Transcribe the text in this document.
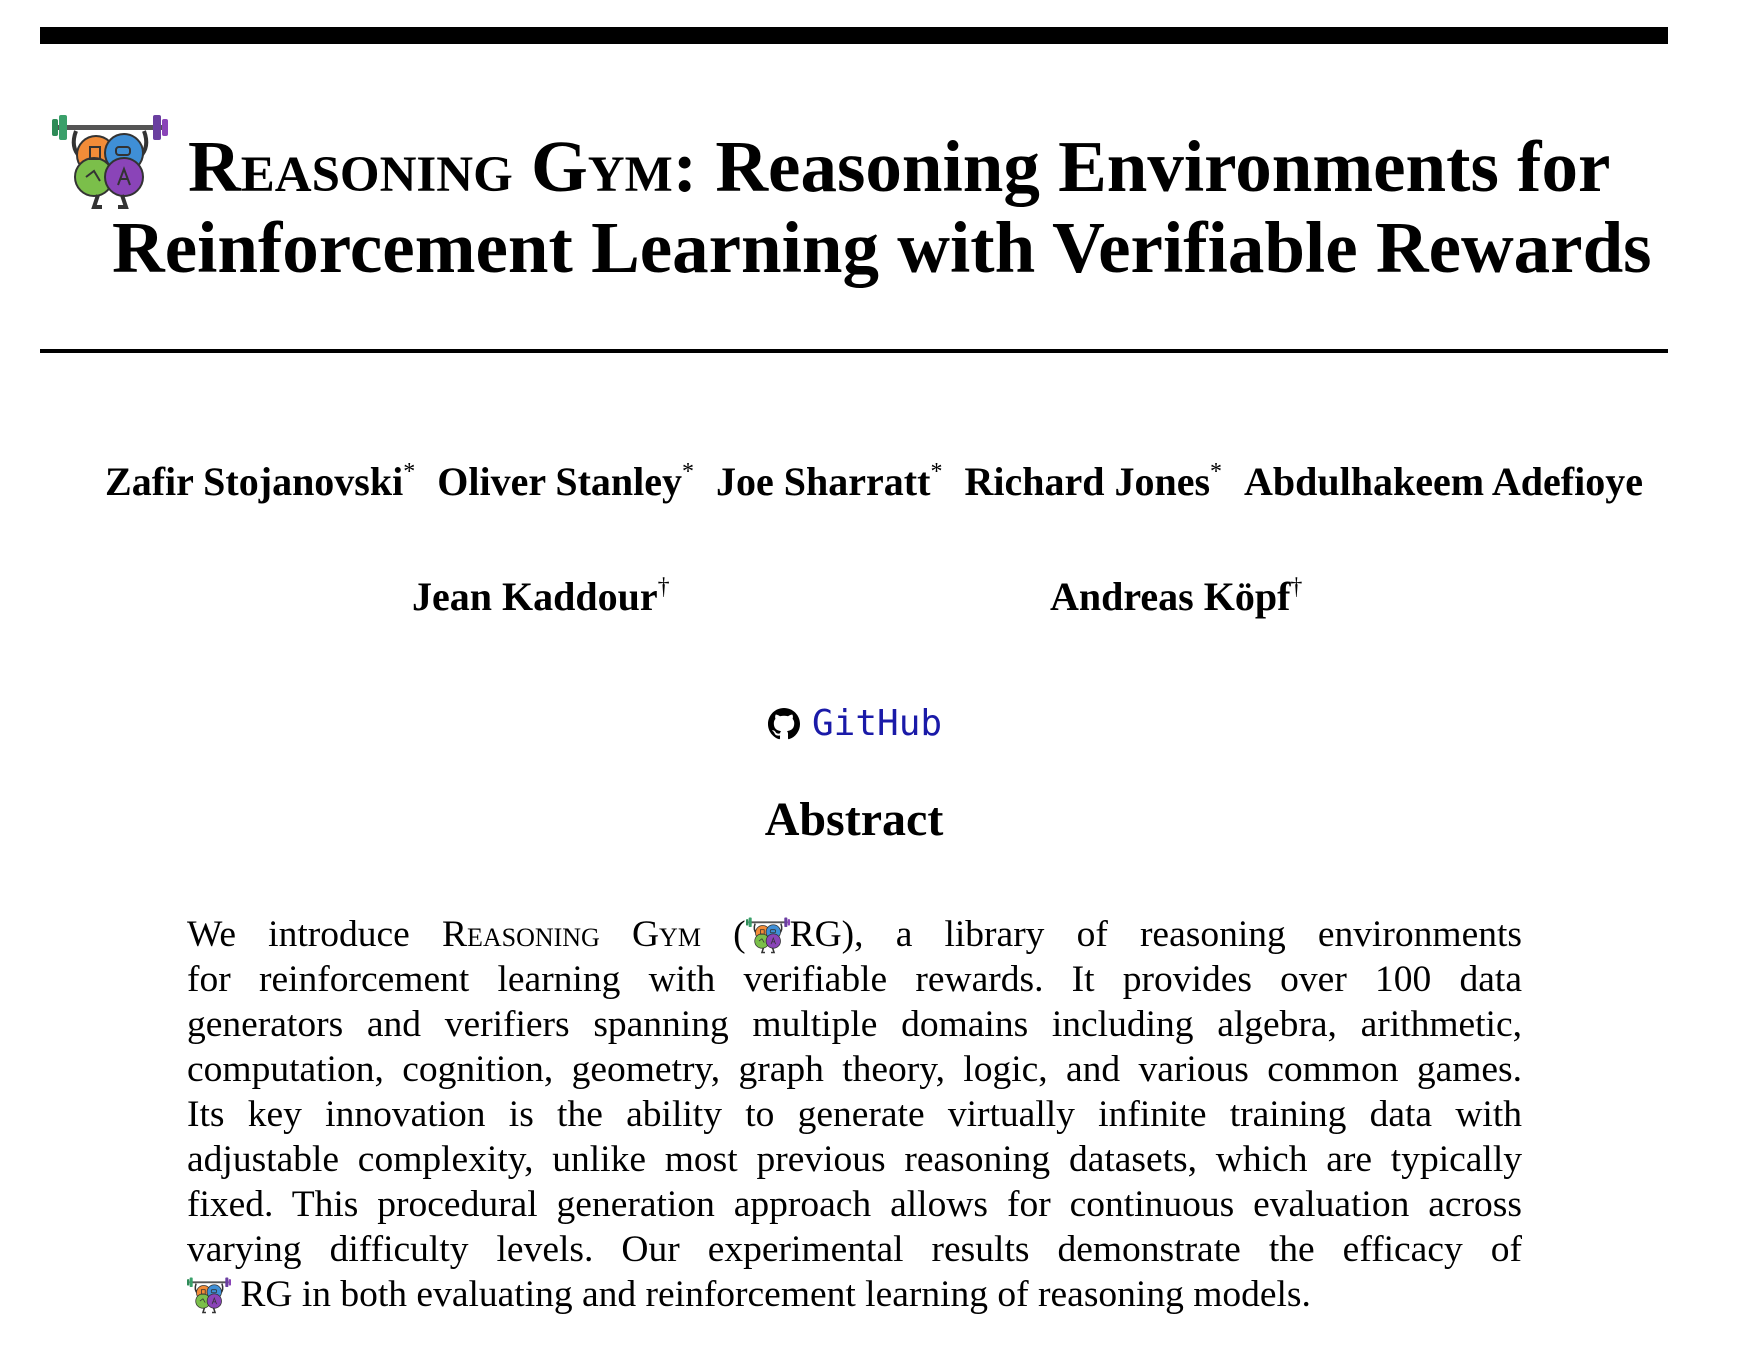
Reasoning Gym: Reasoning Environments for
Reinforcement Learning with Verifiable Rewards
Zafir Stojanovski* Oliver Stanley* Joe Sharratt* Richard Jones* Abdulhakeem Adefioye
Jean Kaddour†	Andreas Köpf†
GitHub
Abstract
We introduce Reasoning Gym ( RG), a library of reasoning environments
for reinforcement learning with verifiable rewards. It provides over 100 data
generators and verifiers spanning multiple domains including algebra, arithmetic,
computation, cognition, geometry, graph theory, logic, and various common games.
Its key innovation is the ability to generate virtually infinite training data with
adjustable complexity, unlike most previous reasoning datasets, which are typically
fixed. This procedural generation approach allows for continuous evaluation across
varying difficulty levels. Our experimental results demonstrate the efficacy of
RG in both evaluating and reinforcement learning of reasoning models.
